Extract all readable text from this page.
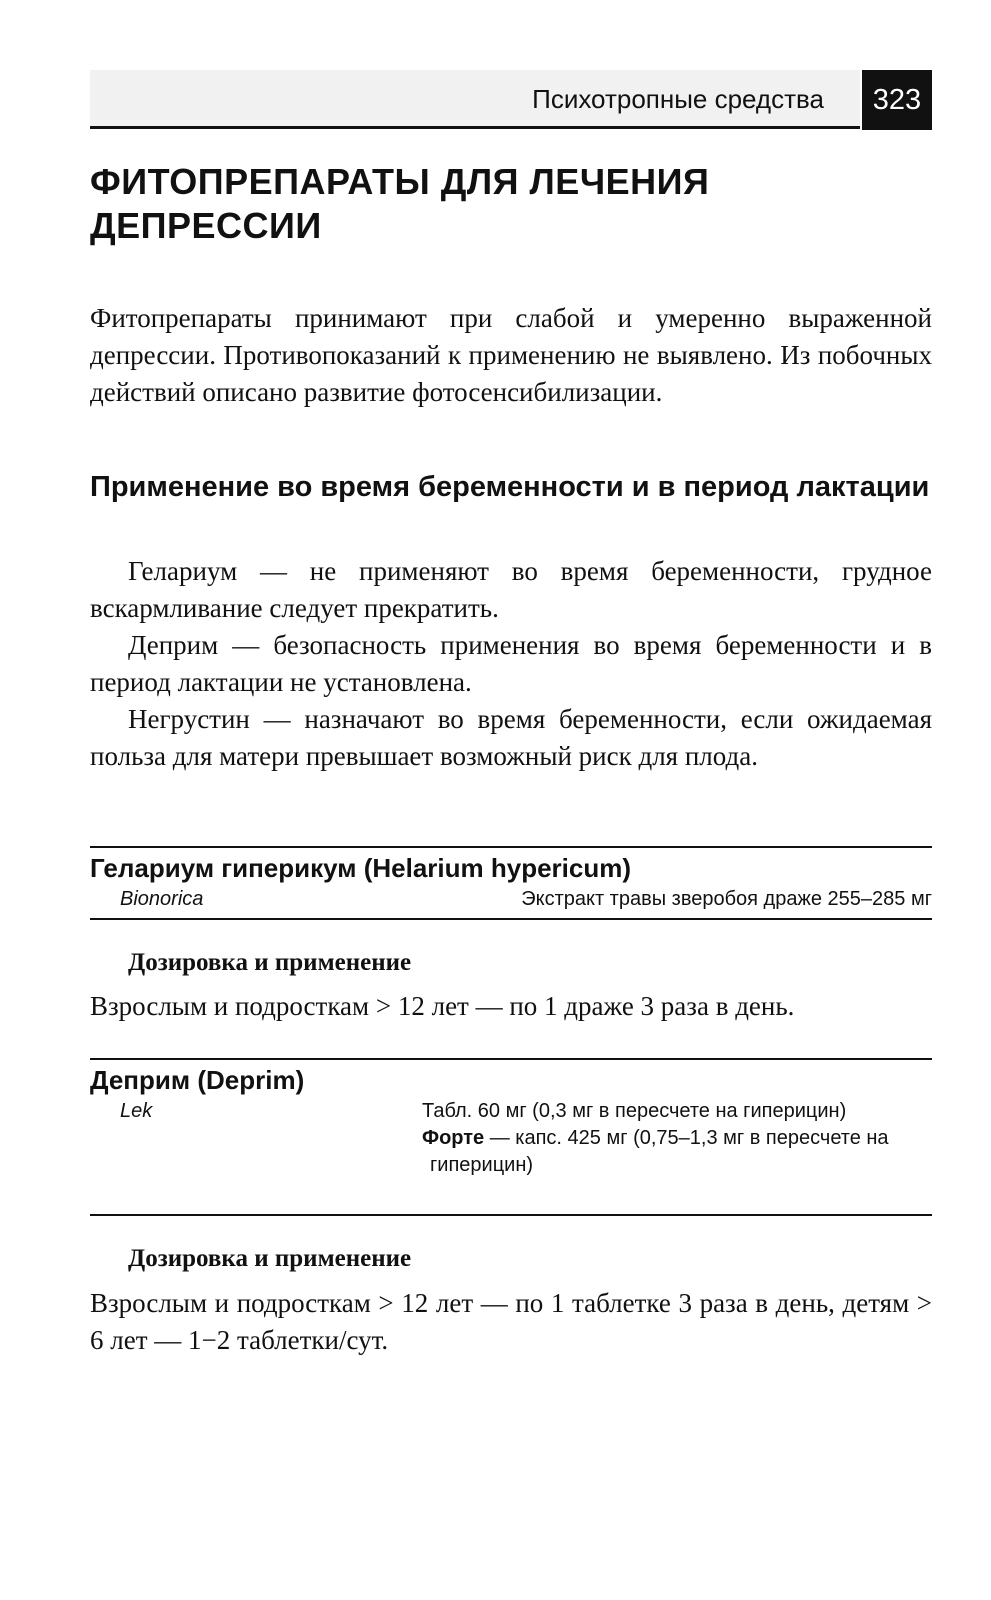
Психотропные средства	323
ФИТОПРЕПАРАТЫ ДЛЯ ЛЕЧЕНИЯ ДЕПРЕССИИ

Фитопрепараты принимают при слабой и умеренно выраженной депрессии. Противопоказаний к применению не выявлено. Из побочных действий описано развитие фотосенсибилизации.

Применение во время беременности и в период лактации

Гелариум — не применяют во время беременности, грудное вскармливание следует прекратить.

Деприм — безопасность применения во время беременности и в период лактации не установлена.

Негрустин — назначают во время беременности, если ожидаемая польза для матери превышает возможный риск для плода.

Гелариум гиперикум (Helarium hypericum)
Bionorica	Экстракт травы зверобоя драже 255–285 мг

Дозировка и применение

Взрослым и подросткам > 12 лет — по 1 драже 3 раза в день.

Деприм (Deprim)
Lek	Табл. 60 мг (0,3 мг в пересчете на гиперицин)

Форте — капс. 425 мг (0,75–1,3 мг в пересчете на гиперицин)

Дозировка и применение

Взрослым и подросткам > 12 лет — по 1 таблетке 3 раза в день, детям > 6 лет — 1−2 таблетки/сут.
